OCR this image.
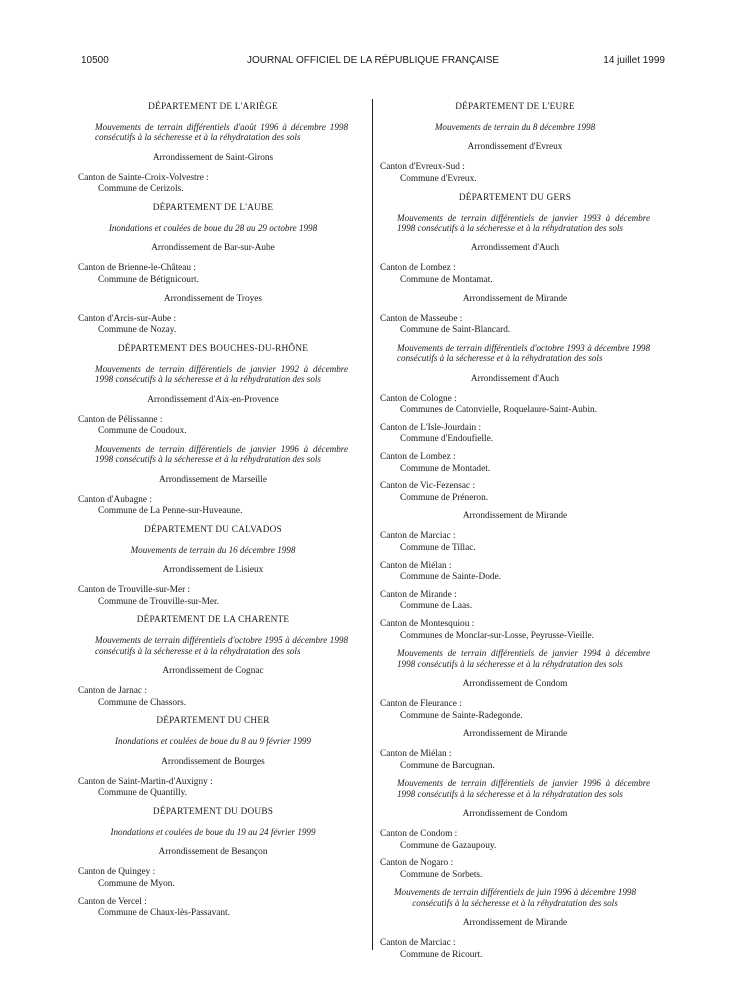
10500	JOURNAL OFFICIEL DE LA RÉPUBLIQUE FRANÇAISE	14 juillet 1999

DÉPARTEMENT DE L'ARIÈGE

Mouvements de terrain différentiels d'août 1996 à décembre 1998 consécutifs à la sécheresse et à la réhydratation des sols

Arrondissement de Saint-Girons

Canton de Sainte-Croix-Volvestre :

Commune de Cerizols.

DÉPARTEMENT DE L'AUBE

Inondations et coulées de boue du 28 au 29 octobre 1998

Arrondissement de Bar-sur-Aube

Canton de Brienne-le-Château :

Commune de Bétignicourt.

Arrondissement de Troyes

Canton d'Arcis-sur-Aube :

Commune de Nozay.

DÉPARTEMENT DES BOUCHES-DU-RHÔNE

Mouvements de terrain différentiels de janvier 1992 à décembre 1998 consécutifs à la sécheresse et à la réhydratation des sols

Arrondissement d'Aix-en-Provence

Canton de Pélissanne :

Commune de Coudoux.

Mouvements de terrain différentiels de janvier 1996 à décembre 1998 consécutifs à la sécheresse et à la réhydratation des sols

Arrondissement de Marseille

Canton d'Aubagne :

Commune de La Penne-sur-Huveaune.

DÉPARTEMENT DU CALVADOS

Mouvements de terrain du 16 décembre 1998

Arrondissement de Lisieux

Canton de Trouville-sur-Mer :

Commune de Trouville-sur-Mer.

DÉPARTEMENT DE LA CHARENTE

Mouvements de terrain différentiels d'octobre 1995 à décembre 1998 consécutifs à la sécheresse et à la réhydratation des sols

Arrondissement de Cognac

Canton de Jarnac :

Commune de Chassors.

DÉPARTEMENT DU CHER

Inondations et coulées de boue du 8 au 9 février 1999

Arrondissement de Bourges

Canton de Saint-Martin-d'Auxigny :

Commune de Quantilly.

DÉPARTEMENT DU DOUBS

Inondations et coulées de boue du 19 au 24 février 1999

Arrondissement de Besançon

Canton de Quingey :

Commune de Myon.

Canton de Vercel :

Commune de Chaux-lès-Passavant.

DÉPARTEMENT DE L'EURE

Mouvements de terrain du 8 décembre 1998

Arrondissement d'Evreux

Canton d'Evreux-Sud :

Commune d'Evreux.

DÉPARTEMENT DU GERS

Mouvements de terrain différentiels de janvier 1993 à décembre 1998 consécutifs à la sécheresse et à la réhydratation des sols

Arrondissement d'Auch

Canton de Lombez :

Commune de Montamat.

Arrondissement de Mirande

Canton de Masseube :

Commune de Saint-Blancard.

Mouvements de terrain différentiels d'octobre 1993 à décembre 1998 consécutifs à la sécheresse et à la réhydratation des sols

Arrondissement d'Auch

Canton de Cologne :

Communes de Catonvielle, Roquelaure-Saint-Aubin.

Canton de L'Isle-Jourdain :

Commune d'Endoufielle.

Canton de Lombez :

Commune de Montadet.

Canton de Vic-Fezensac :

Commune de Préneron.

Arrondissement de Mirande

Canton de Marciac :

Commune de Tillac.

Canton de Miélan :

Commune de Sainte-Dode.

Canton de Mirande :

Commune de Laas.

Canton de Montesquiou :

Communes de Monclar-sur-Losse, Peyrusse-Vieille.

Mouvements de terrain différentiels de janvier 1994 à décembre 1998 consécutifs à la sécheresse et à la réhydratation des sols

Arrondissement de Condom

Canton de Fleurance :

Commune de Sainte-Radegonde.

Arrondissement de Mirande

Canton de Miélan :

Commune de Barcugnan.

Mouvements de terrain différentiels de janvier 1996 à décembre 1998 consécutifs à la sécheresse et à la réhydratation des sols

Arrondissement de Condom

Canton de Condom :

Commune de Gazaupouy.

Canton de Nogaro :

Commune de Sorbets.

Mouvements de terrain différentiels de juin 1996 à décembre 1998 consécutifs à la sécheresse et à la réhydratation des sols

Arrondissement de Mirande

Canton de Marciac :

Commune de Ricourt.
